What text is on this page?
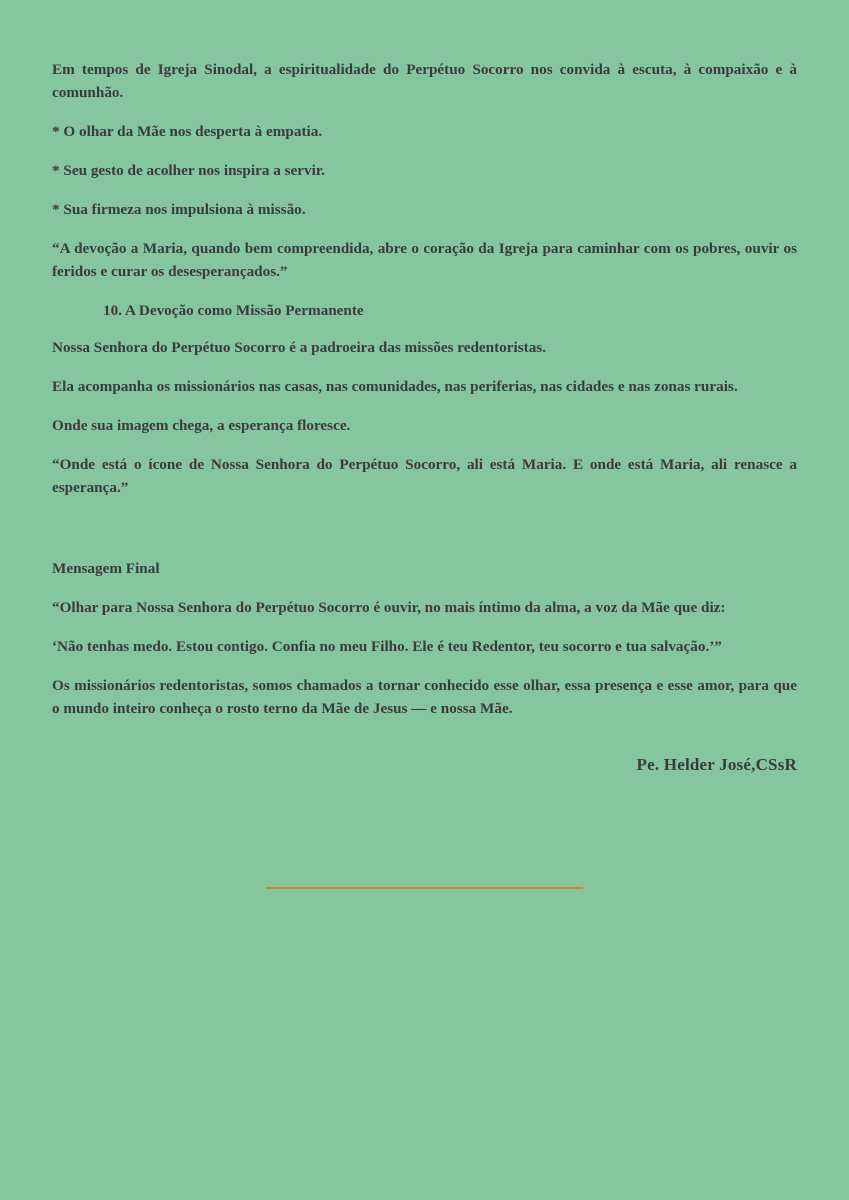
Em tempos de Igreja Sinodal, a espiritualidade do Perpétuo Socorro nos convida à escuta, à compaixão e à comunhão.

* O olhar da Mãe nos desperta à empatia.

* Seu gesto de acolher nos inspira a servir.

* Sua firmeza nos impulsiona à missão.

“A devoção a Maria, quando bem compreendida, abre o coração da Igreja para caminhar com os pobres, ouvir os feridos e curar os desesperançados.”

10. A Devoção como Missão Permanente

Nossa Senhora do Perpétuo Socorro é a padroeira das missões redentoristas.

Ela acompanha os missionários nas casas, nas comunidades, nas periferias, nas cidades e nas zonas rurais.

Onde sua imagem chega, a esperança floresce.

“Onde está o ícone de Nossa Senhora do Perpétuo Socorro, ali está Maria. E onde está Maria, ali renasce a esperança.”

Mensagem Final

“Olhar para Nossa Senhora do Perpétuo Socorro é ouvir, no mais íntimo da alma, a voz da Mãe que diz:

‘Não tenhas medo. Estou contigo. Confia no meu Filho. Ele é teu Redentor, teu socorro e tua salvação.’”

Os missionários redentoristas, somos chamados a tornar conhecido esse olhar, essa presença e esse amor, para que o mundo inteiro conheça o rosto terno da Mãe de Jesus — e nossa Mãe.

Pe. Helder José,CSsR
